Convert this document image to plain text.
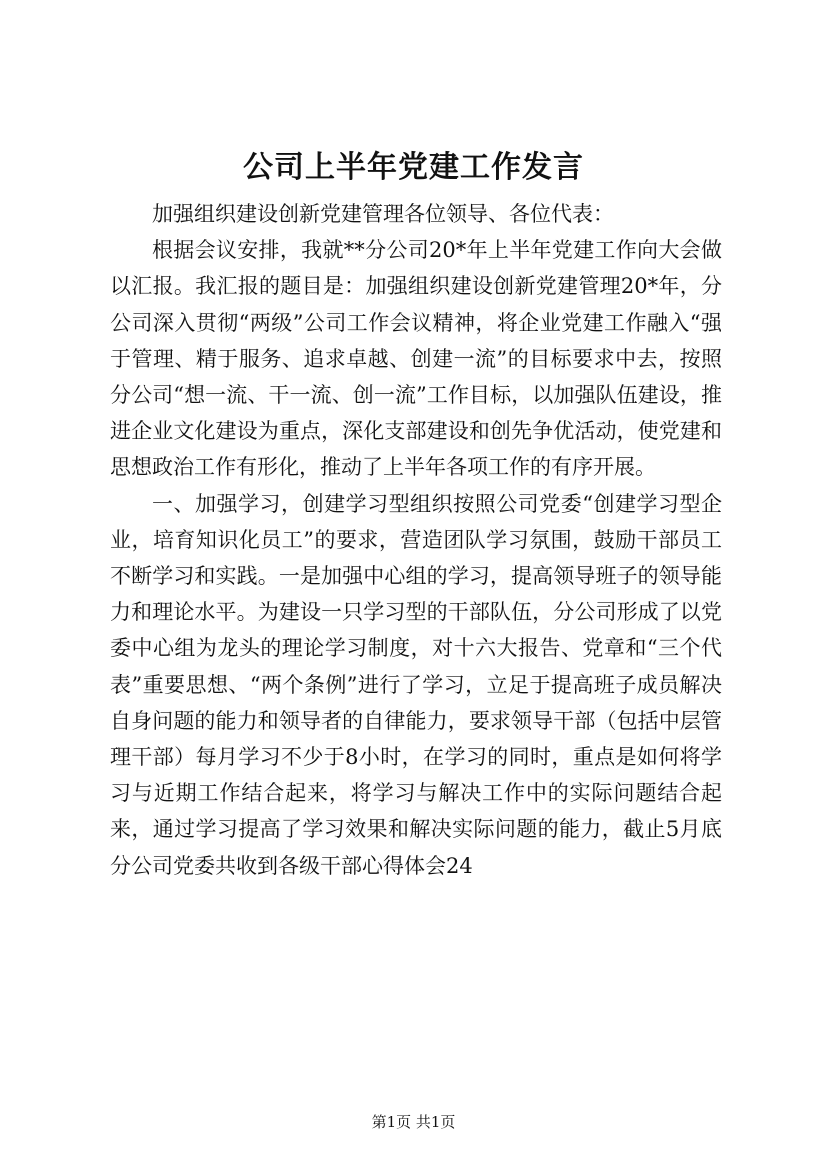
公司上半年党建工作发言

加强组织建设创新党建管理各位领导、各位代表：

根据会议安排，我就**分公司20*年上半年党建工作向大会做以汇报。我汇报的题目是：加强组织建设创新党建管理20*年，分公司深入贯彻“两级”公司工作会议精神，将企业党建工作融入“强于管理、精于服务、追求卓越、创建一流”的目标要求中去，按照分公司“想一流、干一流、创一流”工作目标，以加强队伍建设，推进企业文化建设为重点，深化支部建设和创先争优活动，使党建和思想政治工作有形化，推动了上半年各项工作的有序开展。

一、加强学习，创建学习型组织按照公司党委“创建学习型企业，培育知识化员工”的要求，营造团队学习氛围，鼓励干部员工不断学习和实践。一是加强中心组的学习，提高领导班子的领导能力和理论水平。为建设一只学习型的干部队伍，分公司形成了以党委中心组为龙头的理论学习制度，对十六大报告、党章和“三个代表”重要思想、“两个条例”进行了学习，立足于提高班子成员解决自身问题的能力和领导者的自律能力，要求领导干部（包括中层管理干部）每月学习不少于8小时，在学习的同时，重点是如何将学习与近期工作结合起来，将学习与解决工作中的实际问题结合起来，通过学习提高了学习效果和解决实际问题的能力，截止5月底分公司党委共收到各级干部心得体会24

第1页 共1页
